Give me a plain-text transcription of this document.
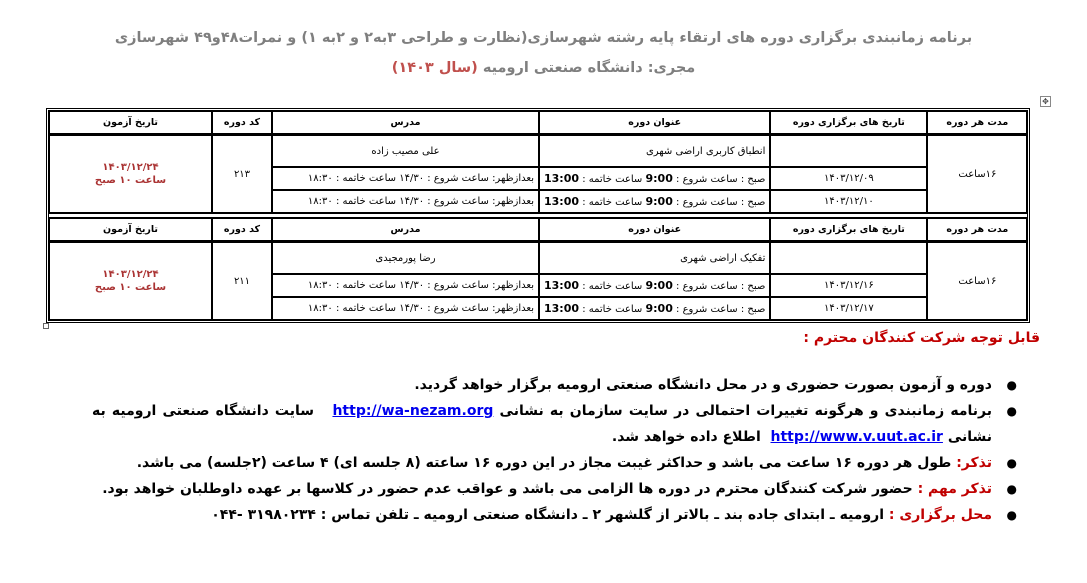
برنامه زمانبندی برگزاری دوره های ارتقاء پایه رشته شهرسازی(نظارت و طراحی ۳به۲ و ۲به ۱) و نمرات۴۸و۴۹ شهرسازی
مجری: دانشگاه صنعتی ارومیه (سال ۱۴۰۳)
✥
مدت هر دوره	تاریخ های برگزاری دوره	عنوان دوره	مدرس	کد دوره	تاریخ آزمون
۱۶ساعت		انطباق کاربری اراضی شهری	علی مصیب زاده	۲۱۳	۱۴۰۳/۱۲/۲۴
ساعت ۱۰ صبح

	۱۴۰۳/۱۲/۰۹	صبح : ساعت شروع : 9:00 ساعت خاتمه : 13:00	بعدازظهر: ساعت شروع : ۱۴/۳۰ ساعت خاتمه : ۱۸:۳۰		
	۱۴۰۳/۱۲/۱۰	صبح : ساعت شروع : 9:00 ساعت خاتمه : 13:00	بعدازظهر: ساعت شروع : ۱۴/۳۰ ساعت خاتمه : ۱۸:۳۰		

مدت هر دوره	تاریخ های برگزاری دوره	عنوان دوره	مدرس	کد دوره	تاریخ آزمون
۱۶ساعت		تفکیک اراضی شهری	رضا پورمجیدی	۲۱۱	۱۴۰۳/۱۲/۲۴
ساعت ۱۰ صبح

	۱۴۰۳/۱۲/۱۶	صبح : ساعت شروع : 9:00 ساعت خاتمه : 13:00	بعدازظهر: ساعت شروع : ۱۴/۳۰ ساعت خاتمه : ۱۸:۳۰		
	۱۴۰۳/۱۲/۱۷	صبح : ساعت شروع : 9:00 ساعت خاتمه : 13:00	بعدازظهر: ساعت شروع : ۱۴/۳۰ ساعت خاتمه : ۱۸:۳۰		
قابل توجه شرکت کنندگان محترم :
●
دوره و آزمون بصورت حضوری و در محل دانشگاه صنعتی ارومیه برگزار خواهد گردید.
●
برنامه زمانبندی و هرگونه تغییرات احتمالی در سایت سازمان به نشانی http://wa-nezam.org   سایت دانشگاه صنعتی ارومیه به نشانی http://www.v.uut.ac.ir  اطلاع داده خواهد شد.
●
تذکر: طول هر دوره ۱۶ ساعت می باشد و حداکثر غیبت مجاز در این دوره ۱۶ ساعته (۸ جلسه ای) ۴ ساعت (۲جلسه) می باشد.
●
تذکر مهم : حضور شرکت کنندگان محترم در دوره ها الزامی می باشد و عواقب عدم حضور در کلاسها بر عهده داوطلبان خواهد بود.
●
محل برگزاری : ارومیه ـ ابتدای جاده بند ـ بالاتر از گلشهر ۲ ـ دانشگاه صنعتی ارومیه ـ تلفن تماس : ۳۱۹۸۰۲۳۴ -۰۴۴
